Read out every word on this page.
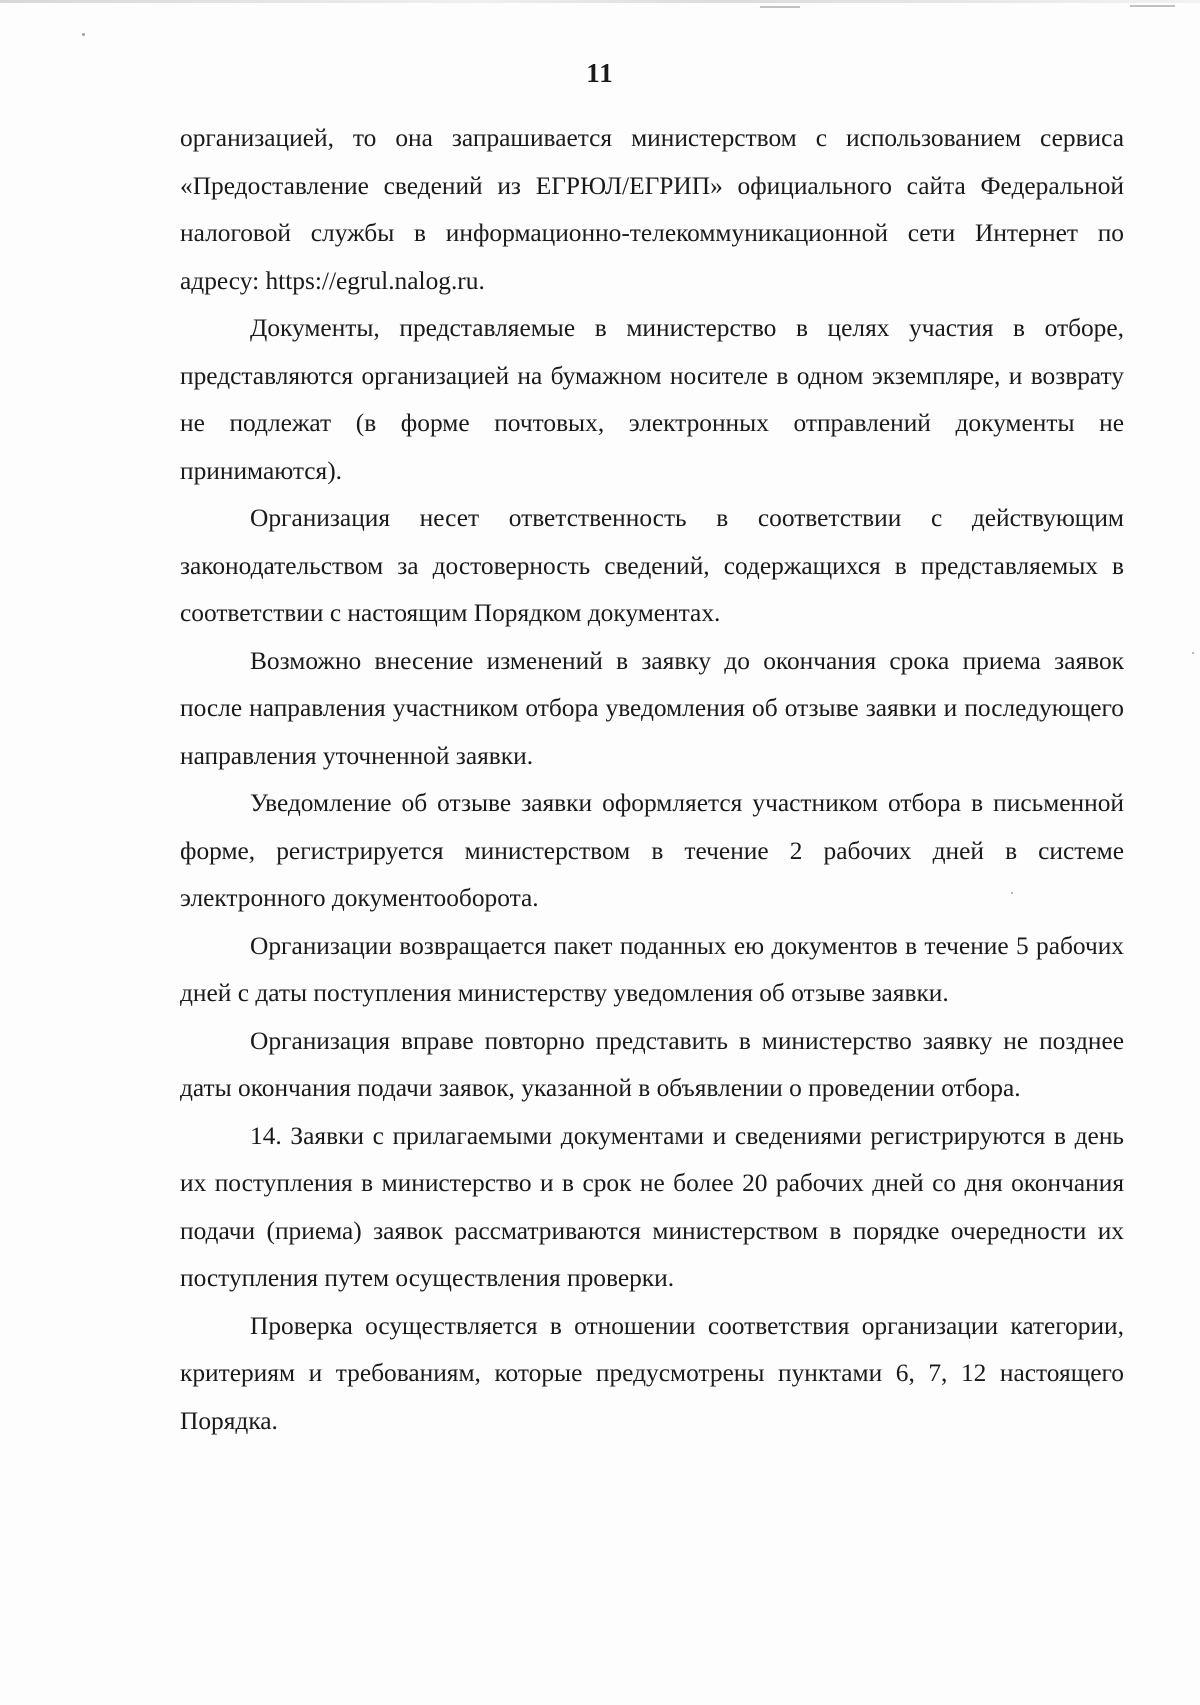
11

организацией, то она запрашивается министерством с использованием сервиса «Предоставление сведений из ЕГРЮЛ/ЕГРИП» официального сайта Федеральной налоговой службы в информационно-телекоммуникационной сети Интернет по адресу: https://egrul.nalog.ru.

Документы, представляемые в министерство в целях участия в отборе, представляются организацией на бумажном носителе в одном экземпляре, и возврату не подлежат (в форме почтовых, электронных отправлений документы не принимаются).

Организация несет ответственность в соответствии с действующим законодательством за достоверность сведений, содержащихся в представляемых в соответствии с настоящим Порядком документах.

Возможно внесение изменений в заявку до окончания срока приема заявок после направления участником отбора уведомления об отзыве заявки и последующего направления уточненной заявки.

Уведомление об отзыве заявки оформляется участником отбора в письменной форме, регистрируется министерством в течение 2 рабочих дней в системе электронного документооборота.

Организации возвращается пакет поданных ею документов в течение 5 рабочих дней с даты поступления министерству уведомления об отзыве заявки.

Организация вправе повторно представить в министерство заявку не позднее даты окончания подачи заявок, указанной в объявлении о проведении отбора.

14. Заявки с прилагаемыми документами и сведениями регистрируются в день их поступления в министерство и в срок не более 20 рабочих дней со дня окончания подачи (приема) заявок рассматриваются министерством в порядке очередности их поступления путем осуществления проверки.

Проверка осуществляется в отношении соответствия организации категории, критериям и требованиям, которые предусмотрены пунктами 6, 7, 12 настоящего Порядка.
